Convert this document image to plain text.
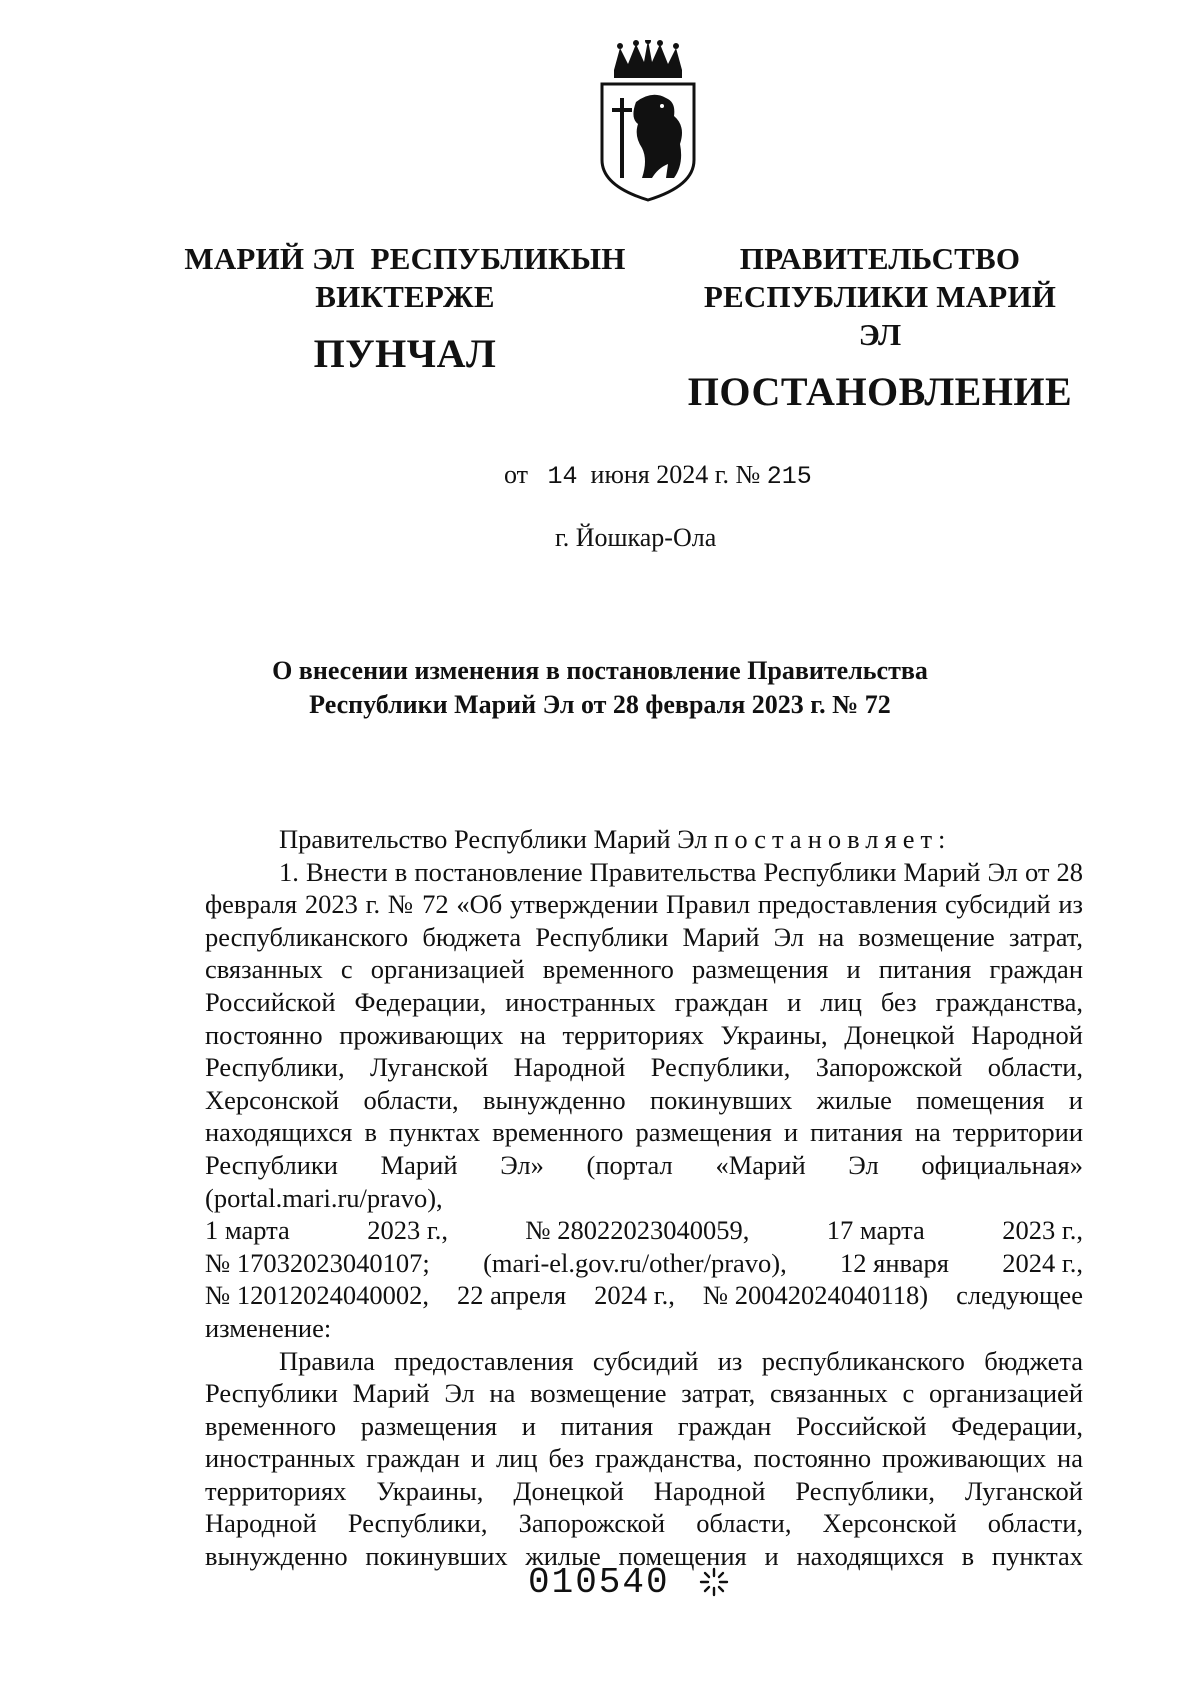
МАРИЙ ЭЛ  РЕСПУБЛИКЫН
ВИКТЕРЖЕ
ПУНЧАЛ
ПРАВИТЕЛЬСТВО
РЕСПУБЛИКИ МАРИЙ ЭЛ
ПОСТАНОВЛЕНИЕ
от 14 июня 2024 г. № 215
г. Йошкар-Ола
О внесении изменения в постановление Правительства
Республики Марий Эл от 28 февраля 2023 г. № 72

Правительство Республики Марий Эл постановляет:

1. Внести в постановление Правительства Республики Марий Эл от 28 февраля 2023 г. № 72 «Об утверждении Правил предоставления субсидий из республиканского бюджета Республики Марий Эл на возмещение затрат, связанных с организацией временного размещения и питания граждан Российской Федерации, иностранных граждан и лиц без гражданства, постоянно проживающих на территориях Украины, Донецкой Народной Республики, Луганской Народной Республики, Запорожской области, Херсонской области, вынужденно покинувших жилые помещения и находящихся в пунктах временного размещения и питания на территории Республики Марий Эл» (портал «Марий Эл официальная» (portal.mari.ru/pravo),

1 марта	2023 г.,	№ 28022023040059,	17 марта	2023 г.,
№ 17032023040107; (mari-el.gov.ru/other/pravo), 12 января 2024 г.,
№ 12012024040002, 22 апреля 2024 г., № 20042024040118) следующее

изменение:

Правила предоставления субсидий из республиканского бюджета Республики Марий Эл на возмещение затрат, связанных с организацией временного размещения и питания граждан Российской Федерации, иностранных граждан и лиц без гражданства, постоянно проживающих на территориях Украины, Донецкой Народной Республики, Луганской Народной Республики, Запорожской области, Херсонской области, вынужденно покинувших жилые помещения и находящихся в пунктах

010540
